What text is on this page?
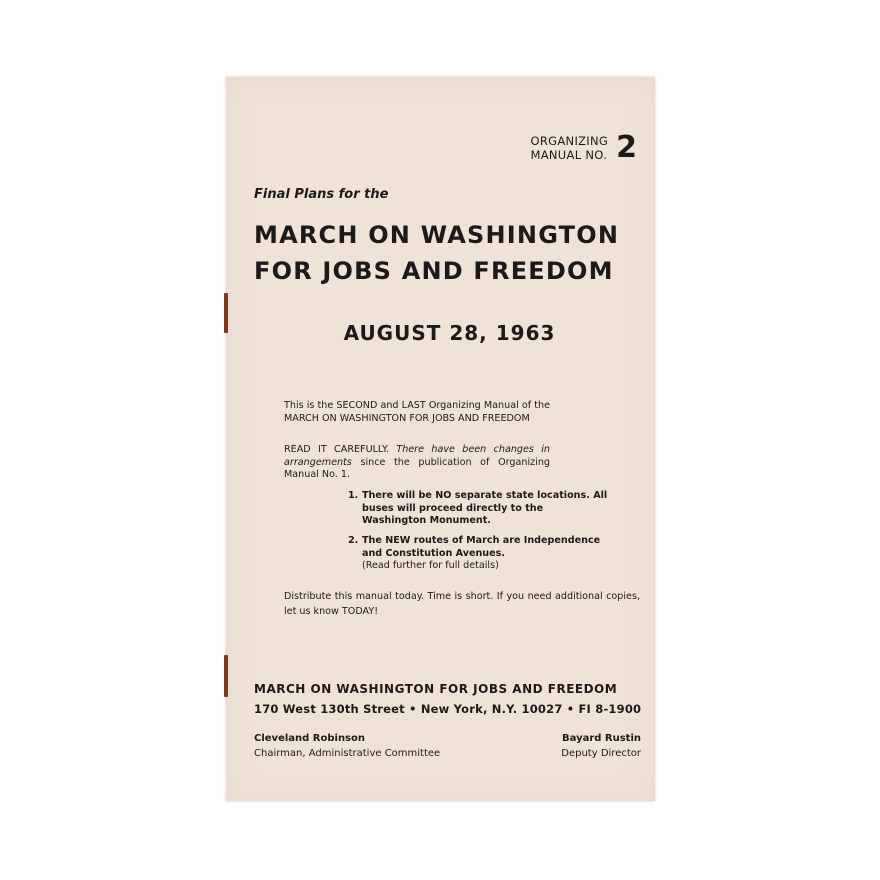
ORGANIZING
MANUAL NO. 2
Final Plans for the
MARCH ON WASHINGTON
FOR JOBS AND FREEDOM
AUGUST 28, 1963
This is the SECOND and LAST Organizing Manual of the MARCH ON WASHINGTON FOR JOBS AND FREEDOM
READ IT CAREFULLY. There have been changes in arrangements since the publication of Organizing Manual No. 1.
1. There will be NO separate state locations. All buses will proceed directly to the Washington Monument.
2. The NEW routes of March are Independence and Constitution Avenues.
(Read further for full details)
Distribute this manual today. Time is short. If you need additional copies, let us know TODAY!
MARCH ON WASHINGTON FOR JOBS AND FREEDOM
170 West 130th Street • New York, N.Y. 10027 • FI 8-1900
Cleveland Robinson
Chairman, Administrative Committee
Bayard Rustin
Deputy Director
